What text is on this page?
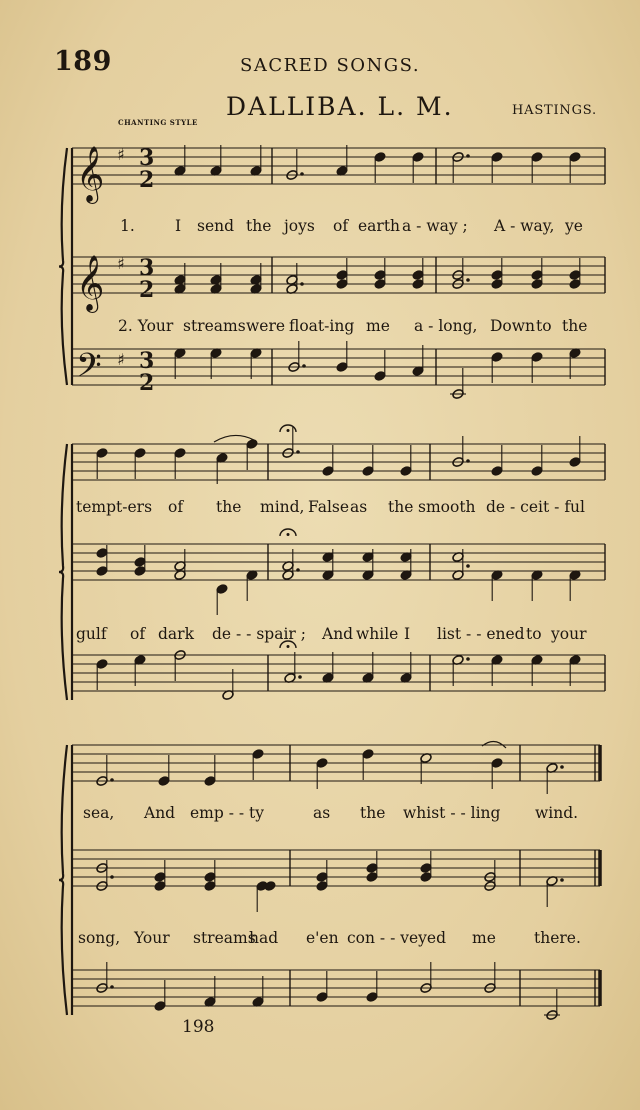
189	SACRED SONGS.
DALLIBA. L. M.	HASTINGS.
CHANTING STYLE
𝄞
𝄞
𝄢
♯
♯
♯
3
2
3
2
3
2
1.	I send the joys of earth a - way ; A - way, ye
2. Your streams were float-ing me a - long, Down to the
tempt-ers of the mind, False as the smooth de - ceit - ful
gulf of dark de - - spair ; And while I list - - ened to your
sea, And emp - - ty	as the whist - - ling wind.
song, Your streams
had e'en con - - veyed me there.
198
